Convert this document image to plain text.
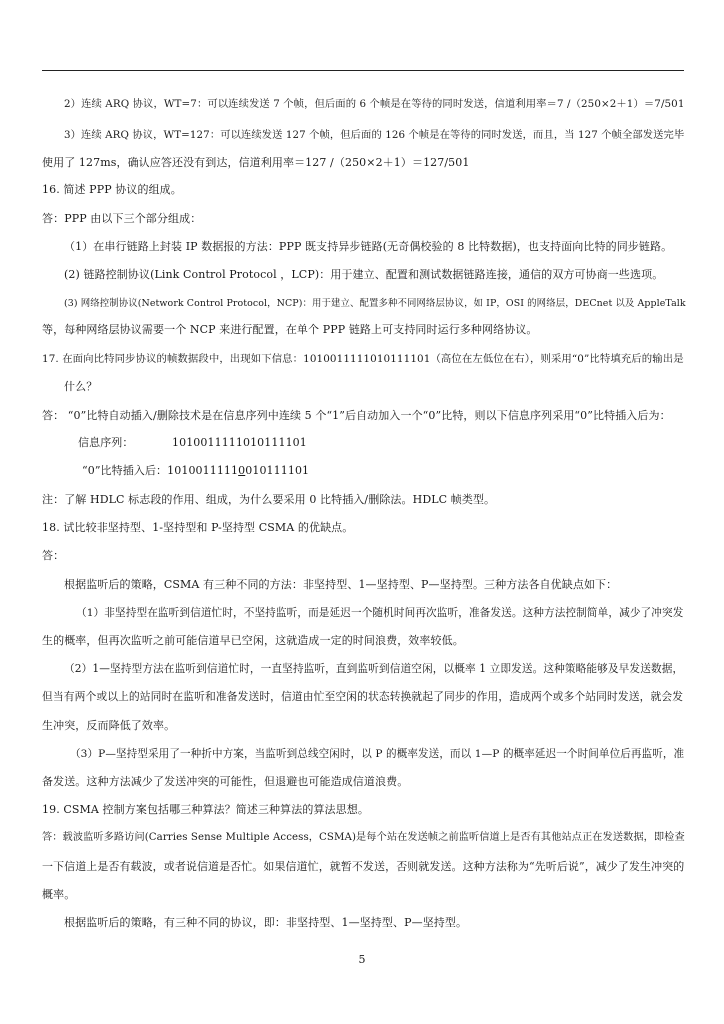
2）连续 ARQ 协议，WT=7：可以连续发送 7 个帧，但后面的 6 个帧是在等待的同时发送，信道利用率＝7 /（250×2＋1）＝7/501
3）连续 ARQ 协议，WT=127：可以连续发送 127 个帧，但后面的 126 个帧是在等待的同时发送，而且，当 127 个帧全部发送完毕
使用了 127ms，确认应答还没有到达，信道利用率＝127 /（250×2＋1）＝127/501
16. 简述 PPP 协议的组成。
答：PPP 由以下三个部分组成：
（1）在串行链路上封装 IP 数据报的方法：PPP 既支持异步链路(无奇偶校验的 8 比特数据)，也支持面向比特的同步链路。
(2) 链路控制协议(Link Control Protocol ，LCP)：用于建立、配置和测试数据链路连接，通信的双方可协商一些选项。
(3) 网络控制协议(Network Control Protocol，NCP)：用于建立、配置多种不同网络层协议，如 IP，OSI 的网络层，DECnet 以及 AppleTalk
等，每种网络层协议需要一个 NCP 来进行配置，在单个 PPP 链路上可支持同时运行多种网络协议。
17. 在面向比特同步协议的帧数据段中，出现如下信息：1010011111010111101（高位在左低位在右），则采用“0”比特填充后的输出是
什么？
答： “0”比特自动插入/删除技术是在信息序列中连续 5 个“1”后自动加入一个“0”比特，则以下信息序列采用“0”比特插入后为：
信息序列：	1010011111010111101
“0”比特插入后：10100111110010111101
注：了解 HDLC 标志段的作用、组成，为什么要采用 0 比特插入/删除法。HDLC 帧类型。
18. 试比较非坚持型、1-坚持型和 P-坚持型 CSMA 的优缺点。
答：
根据监听后的策略，CSMA 有三种不同的方法：非坚持型、1—坚持型、P—坚持型。三种方法各自优缺点如下：
（1）非坚持型在监听到信道忙时，不坚持监听，而是延迟一个随机时间再次监听，准备发送。这种方法控制简单，减少了冲突发
生的概率，但再次监听之前可能信道早已空闲，这就造成一定的时间浪费，效率较低。
（2）1—坚持型方法在监听到信道忙时，一直坚持监听，直到监听到信道空闲，以概率 1 立即发送。这种策略能够及早发送数据，
但当有两个或以上的站同时在监听和准备发送时，信道由忙至空闲的状态转换就起了同步的作用，造成两个或多个站同时发送，就会发
生冲突，反而降低了效率。
（3）P—坚持型采用了一种折中方案，当监听到总线空闲时，以 P 的概率发送，而以 1—P 的概率延迟一个时间单位后再监听，准
备发送。这种方法减少了发送冲突的可能性，但退避也可能造成信道浪费。
19. CSMA 控制方案包括哪三种算法？简述三种算法的算法思想。
答：载波监听多路访问(Carries Sense Multiple Access，CSMA)是每个站在发送帧之前监听信道上是否有其他站点正在发送数据，即检查
一下信道上是否有载波，或者说信道是否忙。如果信道忙，就暂不发送，否则就发送。这种方法称为“先听后说”，减少了发生冲突的
概率。
根据监听后的策略，有三种不同的协议，即：非坚持型、1—坚持型、P—坚持型。
5
